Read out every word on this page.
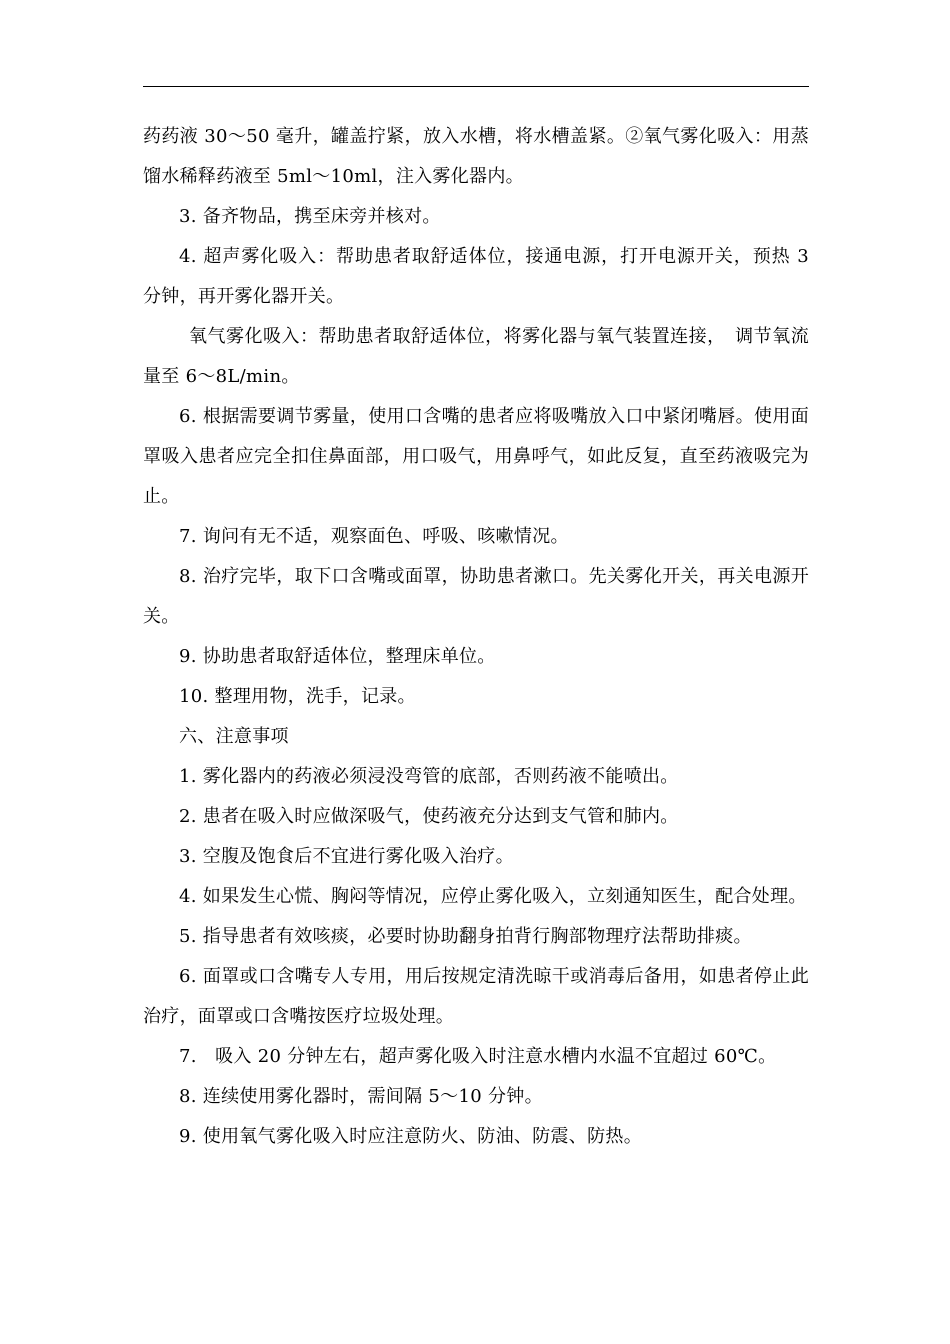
药药液 30～50 毫升，罐盖拧紧，放入水槽，将水槽盖紧。②氧气雾化吸入：用蒸馏水稀释药液至 5ml～10ml，注入雾化器内。

3. 备齐物品，携至床旁并核对。

4. 超声雾化吸入：帮助患者取舒适体位，接通电源，打开电源开关，预热 3 分钟，再开雾化器开关。

氧气雾化吸入：帮助患者取舒适体位，将雾化器与氧气装置连接，　调节氧流量至 6～8L/min。

6. 根据需要调节雾量，使用口含嘴的患者应将吸嘴放入口中紧闭嘴唇。使用面罩吸入患者应完全扣住鼻面部，用口吸气，用鼻呼气，如此反复，直至药液吸完为止。

7. 询问有无不适，观察面色、呼吸、咳嗽情况。

8. 治疗完毕，取下口含嘴或面罩，协助患者漱口。先关雾化开关，再关电源开关。

9. 协助患者取舒适体位，整理床单位。

10. 整理用物，洗手，记录。

六、注意事项

1. 雾化器内的药液必须浸没弯管的底部，否则药液不能喷出。

2. 患者在吸入时应做深吸气，使药液充分达到支气管和肺内。

3. 空腹及饱食后不宜进行雾化吸入治疗。

4. 如果发生心慌、胸闷等情况，应停止雾化吸入，立刻通知医生，配合处理。

5. 指导患者有效咳痰，必要时协助翻身拍背行胸部物理疗法帮助排痰。

6. 面罩或口含嘴专人专用，用后按规定清洗晾干或消毒后备用，如患者停止此治疗，面罩或口含嘴按医疗垃圾处理。

7.　吸入 20 分钟左右，超声雾化吸入时注意水槽内水温不宜超过 60℃。

8. 连续使用雾化器时，需间隔 5～10 分钟。

9. 使用氧气雾化吸入时应注意防火、防油、防震、防热。
